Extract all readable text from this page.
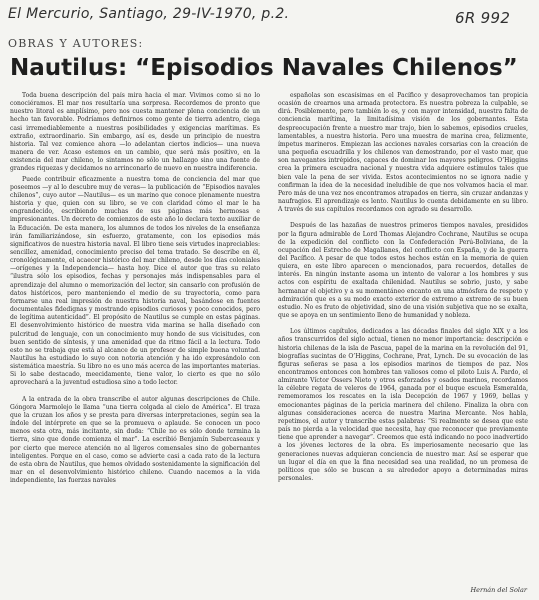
El Mercurio, Santiago, 29-IV-1970, p.2.	6R 992
OBRAS Y AUTORES:
Nautilus: “Episodios Navales Chilenos”

Toda buena descripción del país mira hacia el mar. Vivimos como si no lo conociéramos. El mar nos resultaría una sorpresa. Recordemos de pronto que nuestro litoral es amplísimo, pero nos cuesta mantener plena conciencia de un hecho tan favorable. Podríamos definirnos como gente de tierra adentro, ciega casi irremediablemente a nuestras posibilidades y exigencias marítimas. Es extraño, extraordinario. Sin embargo, así es, desde un principio de nuestra historia. Tal vez comience ahora —lo adelantan ciertos indicios— una nueva manera de ver. Acaso estemos en un cambio, que será más positivo, en la existencia del mar chileno, lo sintamos no sólo un hallazgo sino una fuente de grandes riquezas y decidamos no arrinconarlo de nuevo en nuestra indiferencia.

Puede contribuir eficazmente a nuestra toma de conciencia del mar que poseemos —y al lo descubre muy de veras— la publicación de “Episodios navales chilenos”, cuyo autor —Nautilus— es un marino que conoce plenamente nuestra historia y que, quien con su libro, se ve con claridad cómo el mar le ha engrandecido, escribiendo muchas de sus páginas más hermosas e impresionantes. Un decreto de comienzos de este año lo declara texto auxiliar de la Educación. De esta manera, los alumnos de todos los niveles de la enseñanza irán familiarizándose, sin esfuerzo, gratamente, con los episodios más significativos de nuestra historia naval. El libro tiene seis virtudes inapreciables: sencillez, amenidad, conocimiento preciso del tema tratado. Se describe en él, cronológicamente, el acaecer histórico del mar chileno, desde los días coloniales —orígenes y la Independencia— hasta hoy. Dice el autor que tras su relato “ilustra sólo los episodios, fechas y personajes más indispensables para el aprendizaje del alumno o memorización del lector, sin cansarlo con profusión de datos históricos, pero manteniendo el medio de su trayectoria, como para formarse una real impresión de nuestra historia naval, basándose en fuentes documentales fidedignas y mostrando episodios curiosos y poco conocidos, pero de legítima autenticidad”. El propósito de Nautilus se cumple en estas páginas. El desenvolvimiento histórico de nuestra vida marina se halla diseñado con pulcritud de lenguaje, con un conocimiento muy hondo de sus vicisitudes, con buen sentido de síntesis, y una amenidad que da ritmo fácil a la lectura. Todo esto no se trabaja que está al alcance de un profesor de simple buena voluntad. Nautilus ha estudiado lo suyo con notoria atención y ha ido expresándolo con sistemática maestría. Su libro no es uno más acerca de las importantes materias. Si lo sabe destacado, meecidamente, tiene valor, lo cierto es que no sólo aprovechará a la juventud estudiosa sino a todo lector.

A la entrada de la obra transcribe el autor algunas descripciones de Chile. Góngora Marmolejo le llama “una tierra colgada al cielo de América”. El traza que la cruzan los años y se presta para diversas interpretaciones, según sea la índole del intérprete en que se la promueva o aplaude. Se conocen un poco menos esta otra, más incitante, sin duda: “Chile no es sólo donde termina la tierra, sino que donde comienza el mar”. La escribió Benjamín Subercaseaux y por cierto que merece atención no al ligeros comensales sino de gobernantes inteligentes. Porque en el caso, como se advierte casi a cada rato de la lectura de esta obra de Nautilus, que hemos olvidado sostenidamente la significación del mar en el desenvolvimiento histórico chileno. Cuando nacemos a la vida independiente, las fuerzas navales

españolas son escasísimas en el Pacífico y desaprovechamos tan propicia ocasión de crearnos una armada protectora. Es nuestra pobreza la culpable, se dirá. Posiblemente, pero también lo es, y con mayor intensidad, nuestra falta de conciencia marítima, la limitadísima visión de los gobernantes. Esta despreocupación frente a nuestro mar trajo, bien lo sabemos, episodios crueles, lamentables, a nuestra historia. Pero una muestra de marina crea, felizmente, ímpetus marineros. Empiezan las acciones navales corsarias con la creación de una pequeña escuadrilla y los chilenos van demostrando, por el vasto mar, que son navegantes intrépidos, capaces de dominar los mayores peligros. O’Higgins crea la primera escuadra nacional y nuestra vida adquiere estímulos tales que bien vale la pena de ser vivida. Estos acontecimientos no se ignora nadie y confirman la idea de la necesidad ineludible de que nos volvamos hacia el mar. Pero más de una vez nos encontramos atrapados en tierra, sin cruzar andanzas y naufragios. El aprendizaje es lento. Nautilus lo cuenta debidamente en su libro. A través de sus capítulos recordamos con agrado su desarrollo.

Después de las hazañas de nuestros primeros tiempos navales, presididos por la figura admirable de Lord Thomas Alejandro Cochrane, Nautilus se ocupa de la expedición del conflicto con la Confederación Perú-Boliviana, de la ocupación del Estrecho de Magallanes, del conflicto con España, y de la guerra del Pacífico. A pesar de que todos estos hechos están en la memoria de quien quiera, en este libro aparecen o mencionados, para recuerdos, detalles de interés. En ningún instante asoma un intento de valorar a los hombres y sus actos con espíritu de exaltada chilenidad. Nautilus se sobrio, justo, y sabe hermanar el objetivo y a su momentáneo encanto en una atmósfera de respeto y admiración que es a su modo exacto exterior de extremo a extremo de su buen estudio. No es fruto de objetividad, sino de una visión subjetiva que no se exalta, que se apoya en un sentimiento lleno de humanidad y nobleza.

Los últimos capítulos, dedicados a las décadas finales del siglo XIX y a los años transcurridos del siglo actual, tienen no menor importancia: descripción e historia chilenas de la isla de Pascua, papel de la marina en la revolución del 91, biografías sucintas de O’Higgins, Cochrane, Prat, Lynch. De su evocación de las figuras señeras se pasa a los episodios marinos de tiempos de paz. Nos encontramos entonces con hombres tan valiosos como el piloto Luis A. Pardo, el almirante Víctor Ossers Nieto y otros esforzados y osados marinos, recordamos la célebre regata de veleros de 1964, ganada por el buque escuela Esmeralda, rememoramos los rescates en la isla Decepción de 1967 y 1969, bellas y emocionantes páginas de la pericia marinera del chileno. Finaliza la obra con algunas consideraciones acerca de nuestra Marina Mercante. Nos habla, repetimos, el autor y transcribe estas palabras: “Si realmente se desea que este país no pierda a la velocidad que necesita, hay que reconocer que previamente tiene que aprender a navegar”. Creemos que está indicando no poco inadvertido a los jóvenes lectores de la obra. Es imperiosamente necesario que las generaciones nuevas adquieran conciencia de nuestro mar. Así se esperar que un lugar el día en que la fina necesidad sea una realidad, no un promesa de políticos que sólo se buscan a su alrededor apoyo a determinadas miras personales.

Hernán del Solar
